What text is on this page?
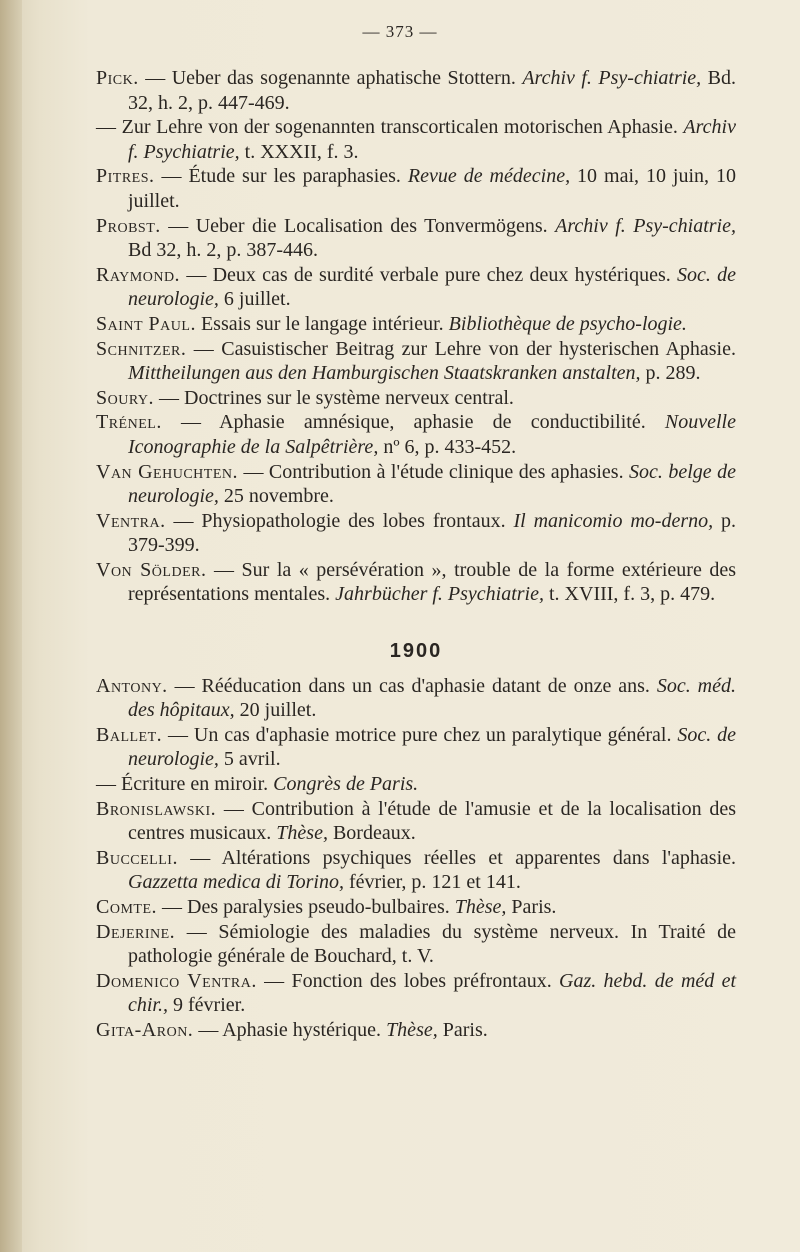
— 373 —
Pick. — Ueber das sogenannte aphatische Stottern. Archiv f. Psy-chiatrie, Bd. 32, h. 2, p. 447-469.
— Zur Lehre von der sogenannten transcorticalen motorischen Aphasie. Archiv f. Psychiatrie, t. XXXII, f. 3.
Pitres. — Étude sur les paraphasies. Revue de médecine, 10 mai, 10 juin, 10 juillet.
Probst. — Ueber die Localisation des Tonvermögens. Archiv f. Psy-chiatrie, Bd 32, h. 2, p. 387-446.
Raymond. — Deux cas de surdité verbale pure chez deux hystériques. Soc. de neurologie, 6 juillet.
Saint Paul. Essais sur le langage intérieur. Bibliothèque de psycho-logie.
Schnitzer. — Casuistischer Beitrag zur Lehre von der hysterischen Aphasie. Mittheilungen aus den Hamburgischen Staatskranken anstalten, p. 289.
Soury. — Doctrines sur le système nerveux central.
Trénel. — Aphasie amnésique, aphasie de conductibilité. Nouvelle Iconographie de la Salpêtrière, nº 6, p. 433-452.
Van Gehuchten. — Contribution à l'étude clinique des aphasies. Soc. belge de neurologie, 25 novembre.
Ventra. — Physiopathologie des lobes frontaux. Il manicomio mo-derno, p. 379-399.
Von Sölder. — Sur la « persévération », trouble de la forme extérieure des représentations mentales. Jahrbücher f. Psychiatrie, t. XVIII, f. 3, p. 479.
1900
Antony. — Rééducation dans un cas d'aphasie datant de onze ans. Soc. méd. des hôpitaux, 20 juillet.
Ballet. — Un cas d'aphasie motrice pure chez un paralytique général. Soc. de neurologie, 5 avril.
— Écriture en miroir. Congrès de Paris.
Bronislawski. — Contribution à l'étude de l'amusie et de la localisation des centres musicaux. Thèse, Bordeaux.
Buccelli. — Altérations psychiques réelles et apparentes dans l'aphasie. Gazzetta medica di Torino, février, p. 121 et 141.
Comte. — Des paralysies pseudo-bulbaires. Thèse, Paris.
Dejerine. — Sémiologie des maladies du système nerveux. In Traité de pathologie générale de Bouchard, t. V.
Domenico Ventra. — Fonction des lobes préfrontaux. Gaz. hebd. de méd et chir., 9 février.
Gita-Aron. — Aphasie hystérique. Thèse, Paris.
